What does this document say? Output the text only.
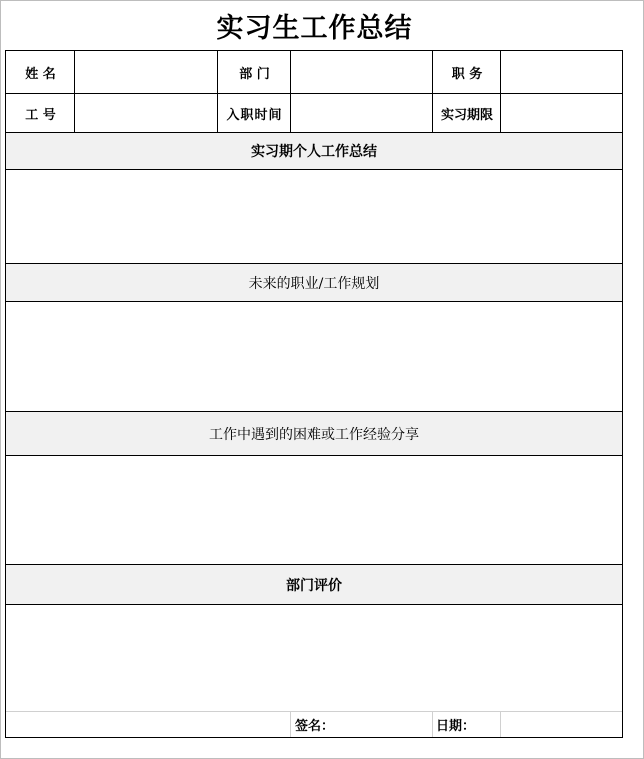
实习生工作总结
姓 名	部 门	职 务
工 号	入职时间	实习期限
实习期个人工作总结
未来的职业/工作规划
工作中遇到的困难或工作经验分享
部门评价
签名：	日期：
